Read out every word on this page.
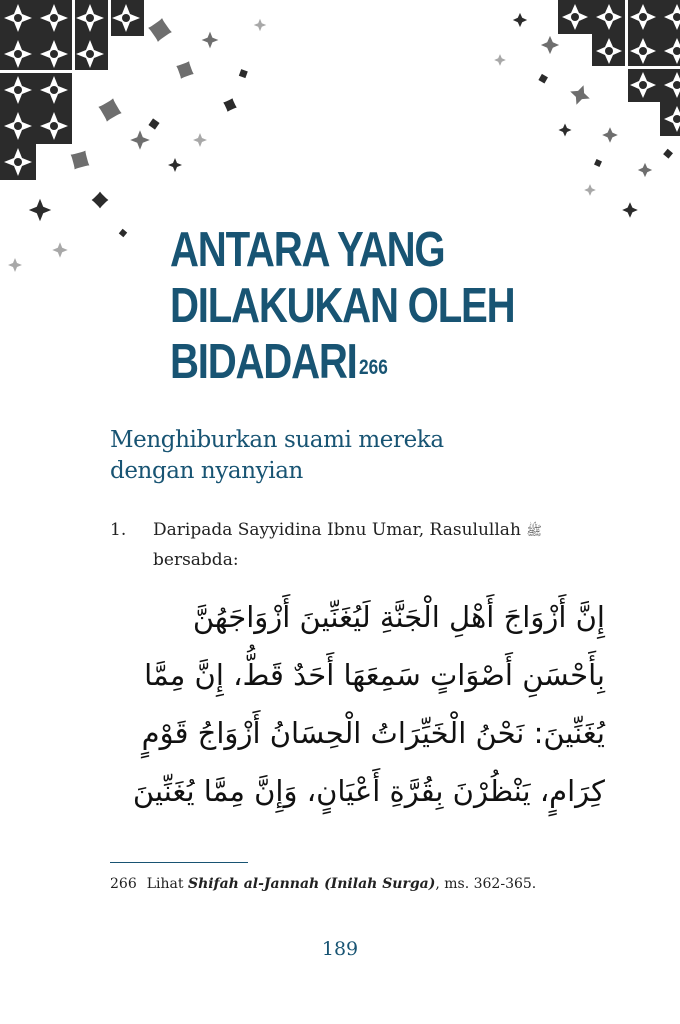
ANTARA YANG
DILAKUKAN OLEH
BIDADARI $^{266}$
Menghiburkan suami mereka
dengan nyanyian
1. Daripada Sayyidina Ibnu Umar, Rasulullah ﷺ
bersabda:
إِنَّ أَزْوَاجَ أَهْلِ الْجَنَّةِ لَيُغَنِّينَ أَزْوَاجَهُنَّ
بِأَحْسَنِ أَصْوَاتٍ سَمِعَهَا أَحَدٌ قَطُّ، إِنَّ مِمَّا
يُغَنِّينَ: نَحْنُ الْخَيِّرَاتُ الْحِسَانُ أَزْوَاجُ قَوْمٍ
كِرَامٍ، يَنْظُرْنَ بِقُرَّةِ أَعْيَانٍ، وَإِنَّ مِمَّا يُغَنِّينَ
266 Lihat Shifah al-Jannah (Inilah Surga), ms. 362-365.
189
